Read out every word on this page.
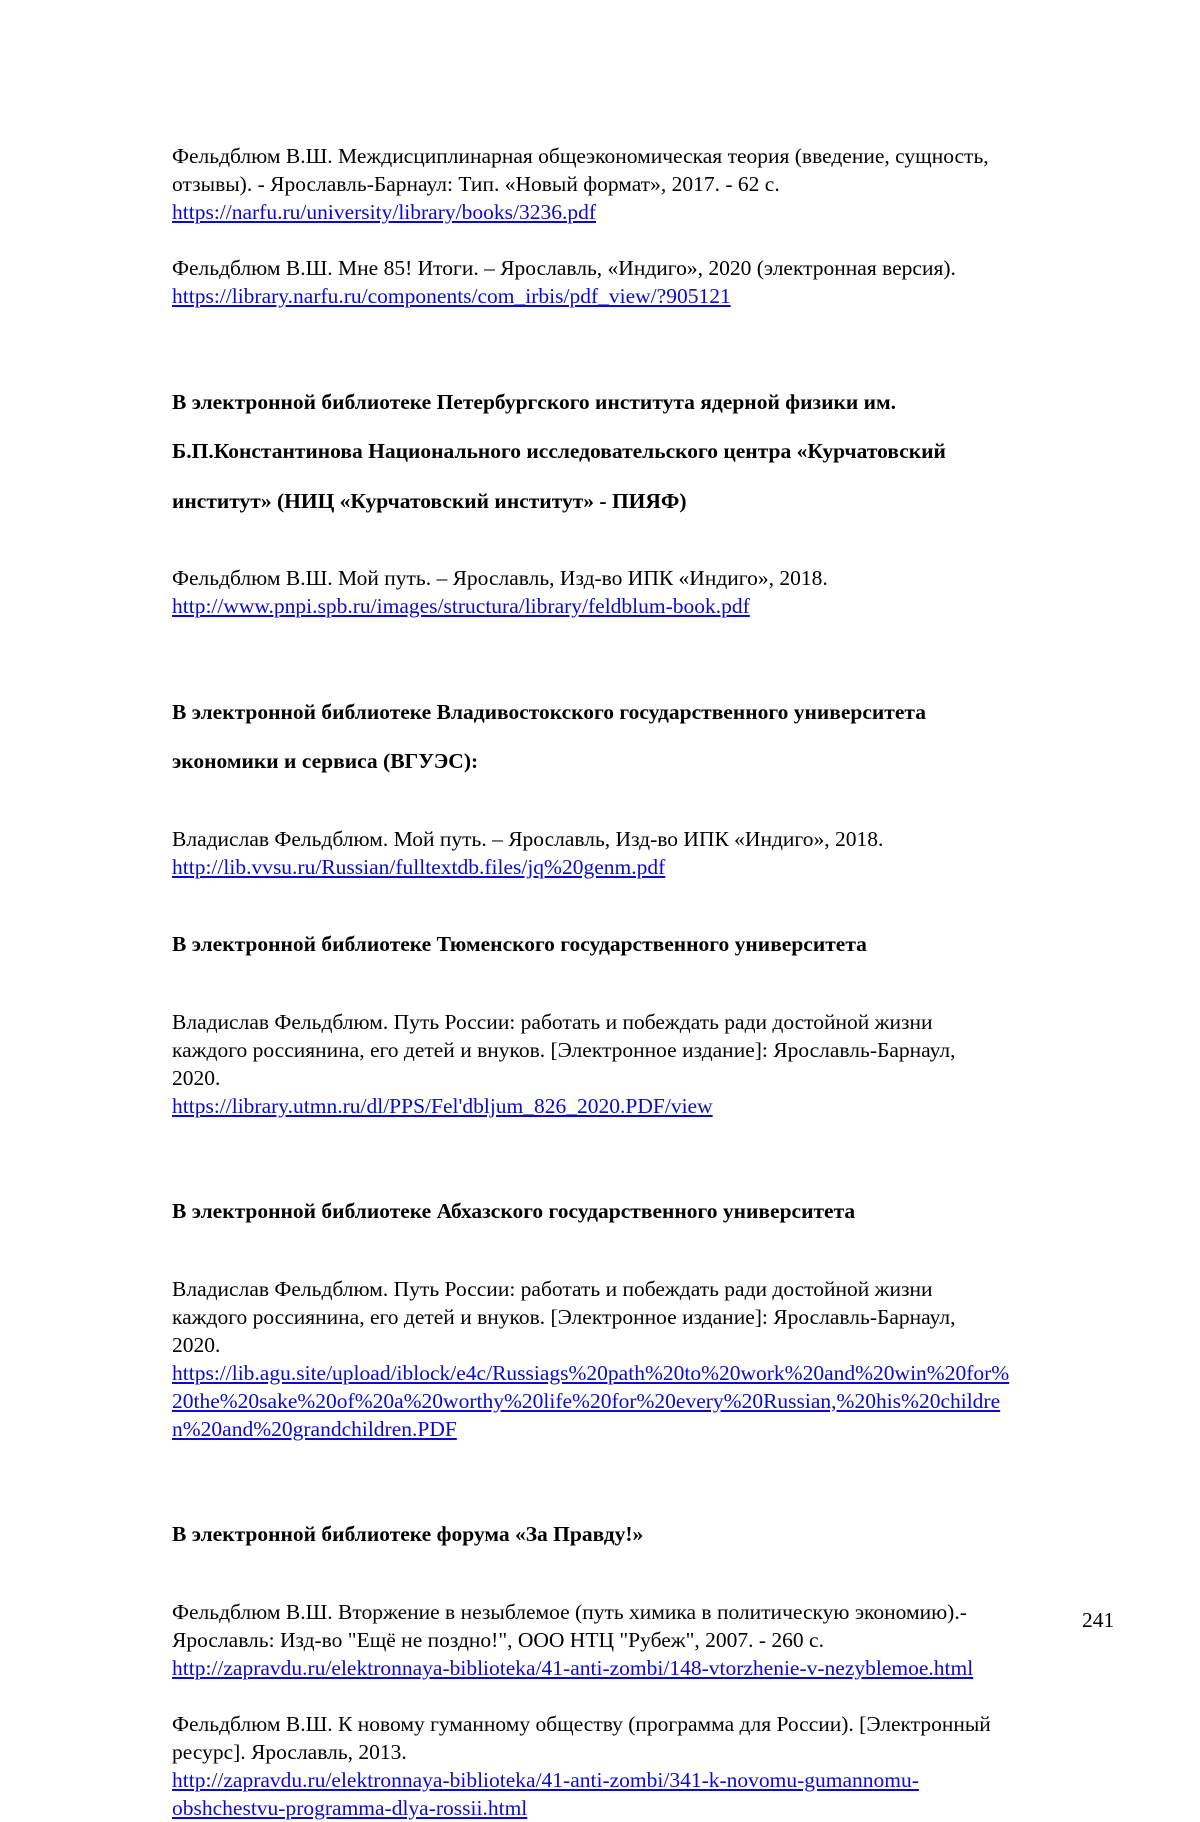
Фельдблюм В.Ш. Междисциплинарная общеэкономическая теория (введение, сущность,

отзывы). - Ярославль-Барнаул: Тип. «Новый формат», 2017. - 62 с.

https://narfu.ru/university/library/books/3236.pdf

Фельдблюм В.Ш. Мне 85! Итоги. – Ярославль, «Индиго», 2020 (электронная версия).

https://library.narfu.ru/components/com_irbis/pdf_view/?905121

В электронной библиотеке Петербургского института ядерной физики им.

Б.П.Константинова Национального исследовательского центра «Курчатовский

институт» (НИЦ «Курчатовский институт» - ПИЯФ)

Фельдблюм В.Ш. Мой путь. – Ярославль, Изд-во ИПК «Индиго», 2018.

http://www.pnpi.spb.ru/images/structura/library/feldblum-book.pdf

В электронной библиотеке Владивостокского государственного университета

экономики и сервиса (ВГУЭС):

Владислав Фельдблюм. Мой путь. – Ярославль, Изд-во ИПК «Индиго», 2018.

http://lib.vvsu.ru/Russian/fulltextdb.files/jq%20genm.pdf

В электронной библиотеке Тюменского государственного университета

Владислав Фельдблюм. Путь России: работать и побеждать ради достойной жизни

каждого россиянина, его детей и внуков. [Электронное издание]: Ярославль-Барнаул,

2020.

https://library.utmn.ru/dl/PPS/Fel'dbljum_826_2020.PDF/view

В электронной библиотеке Абхазского государственного университета

Владислав Фельдблюм. Путь России: работать и побеждать ради достойной жизни

каждого россиянина, его детей и внуков. [Электронное издание]: Ярославль-Барнаул,

2020.

https://lib.agu.site/upload/iblock/e4c/Russiags%20path%20to%20work%20and%20win%20for%

20the%20sake%20of%20a%20worthy%20life%20for%20every%20Russian,%20his%20childre

n%20and%20grandchildren.PDF

В электронной библиотеке форума «За Правду!»

Фельдблюм В.Ш. Вторжение в незыблемое (путь химика в политическую экономию).-

Ярославль: Изд-во "Ещё не поздно!", ООО НТЦ "Рубеж", 2007. - 260 с.

http://zapravdu.ru/elektronnaya-biblioteka/41-anti-zombi/148-vtorzhenie-v-nezyblemoe.html

Фельдблюм В.Ш. К новому гуманному обществу (программа для России). [Электронный

ресурс]. Ярославль, 2013.

http://zapravdu.ru/elektronnaya-biblioteka/41-anti-zombi/341-k-novomu-gumannomu-

obshchestvu-programma-dlya-rossii.html

241
